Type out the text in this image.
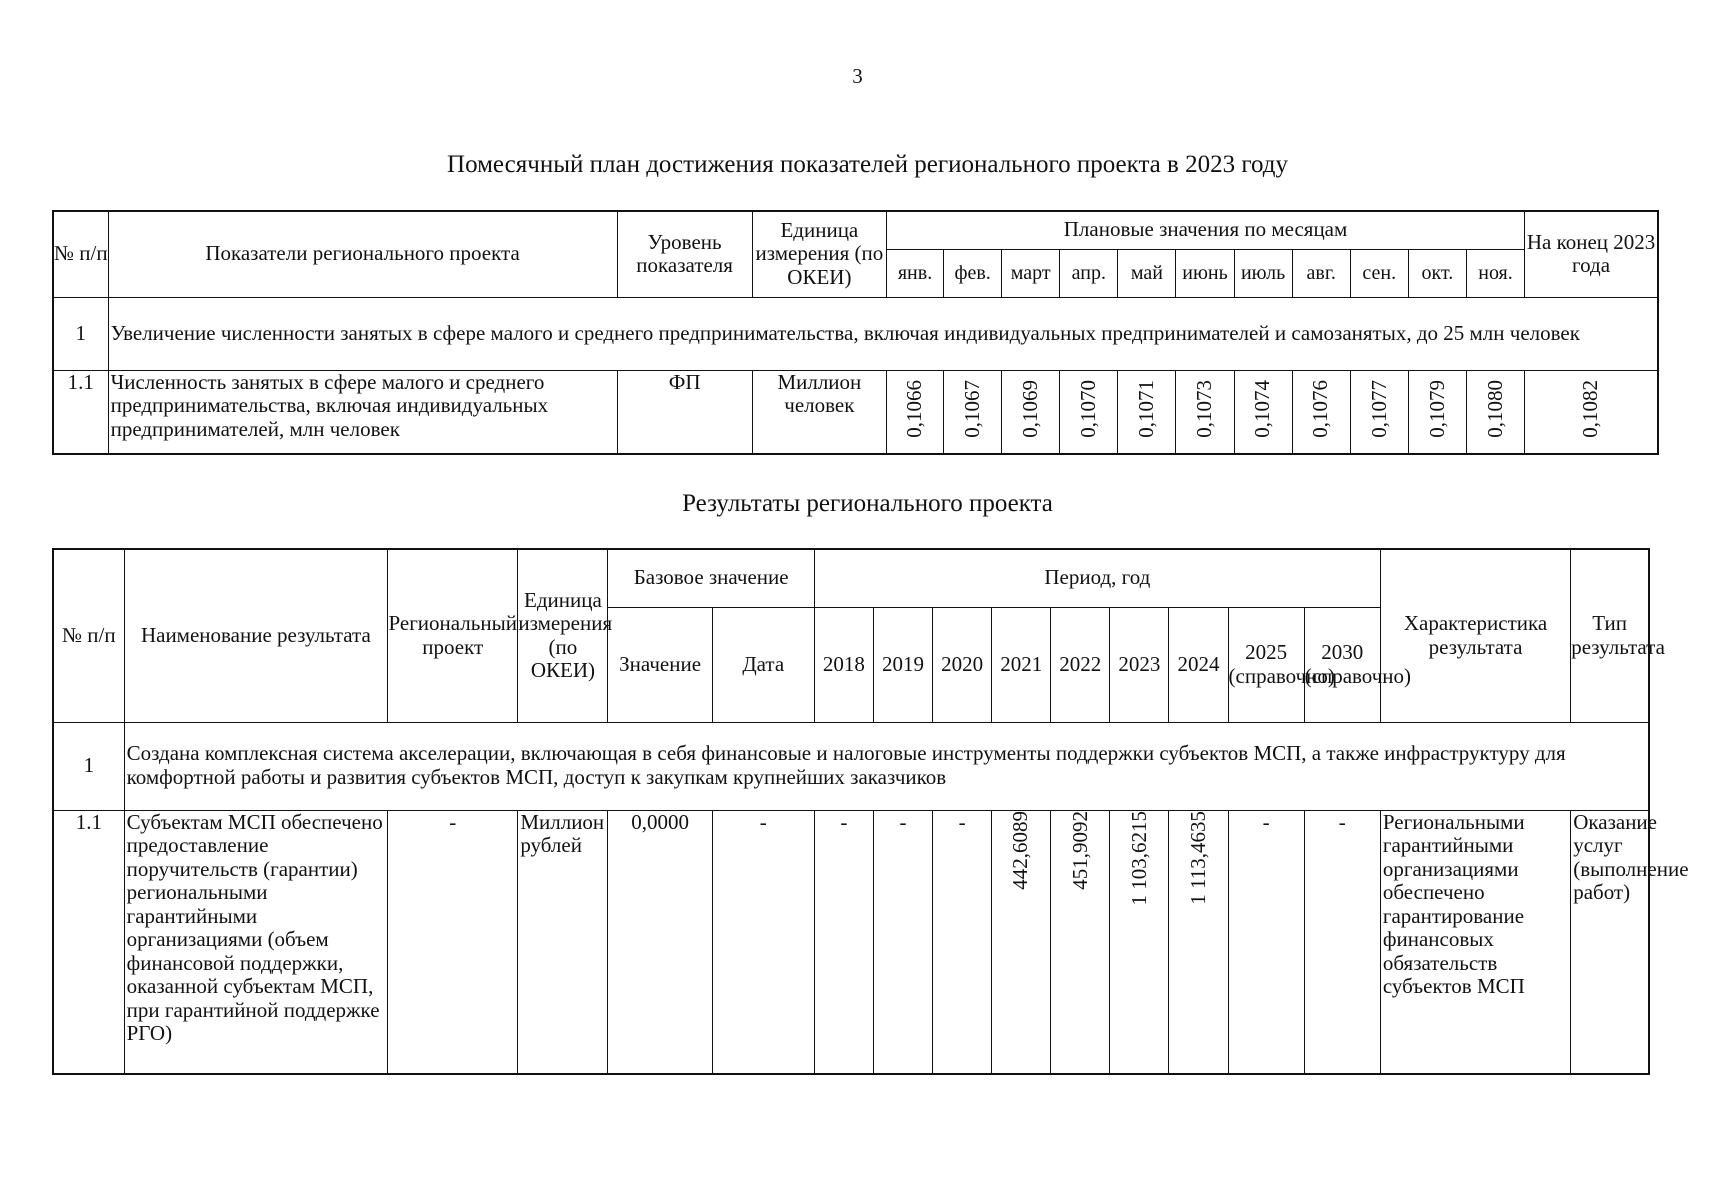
3
Помесячный план достижения показателей регионального проекта в 2023 году
№ п/п	Показатели регионального проекта	Уровень показателя	Единица измерения (по ОКЕИ)	Плановые значения по месяцам											На конец 2023 года
				янв.	фев.	март	апр.	май	июнь	июль	авг.	сен.	окт.	ноя.	
1	Увеличение численности занятых в сфере малого и среднего предпринимательства, включая индивидуальных предпринимателей и самозанятых, до 25 млн человек														
1.1	Численность занятых в сфере малого и среднего предпринимательства, включая индивидуальных предпринимателей, млн человек	ФП	Миллион человек	0,1066	0,1067	0,1069	0,1070	0,1071	0,1073	0,1074	0,1076	0,1077	0,1079	0,1080	0,1082
Результаты регионального проекта
№ п/п	Наименование результата	Региональный проект	Единица измерения (по ОКЕИ)	Базовое значение		Период, год									Характеристика результата	Тип результата
				Значение	Дата	2018	2019	2020	2021	2022	2023	2024	2025 (справочно)	2030 (справочно)		
1	Создана комплексная система акселерации, включающая в себя финансовые и налоговые инструменты поддержки субъектов МСП, а также инфраструктуру для комфортной работы и развития субъектов МСП, доступ к закупкам крупнейших заказчиков															
1.1	Субъектам МСП обеспечено предоставление поручительств (гарантии) региональными гарантийными организациями (объем финансовой поддержки, оказанной субъектам МСП, при гарантийной поддержке РГО)	-	Миллион рублей	0,0000	-	-	-	-	442,6089	451,9092	1 103,6215	1 113,4635	-	-	Региональными гарантийными организациями обеспечено гарантирование финансовых обязательств субъектов МСП	Оказание услуг (выполнение работ)
